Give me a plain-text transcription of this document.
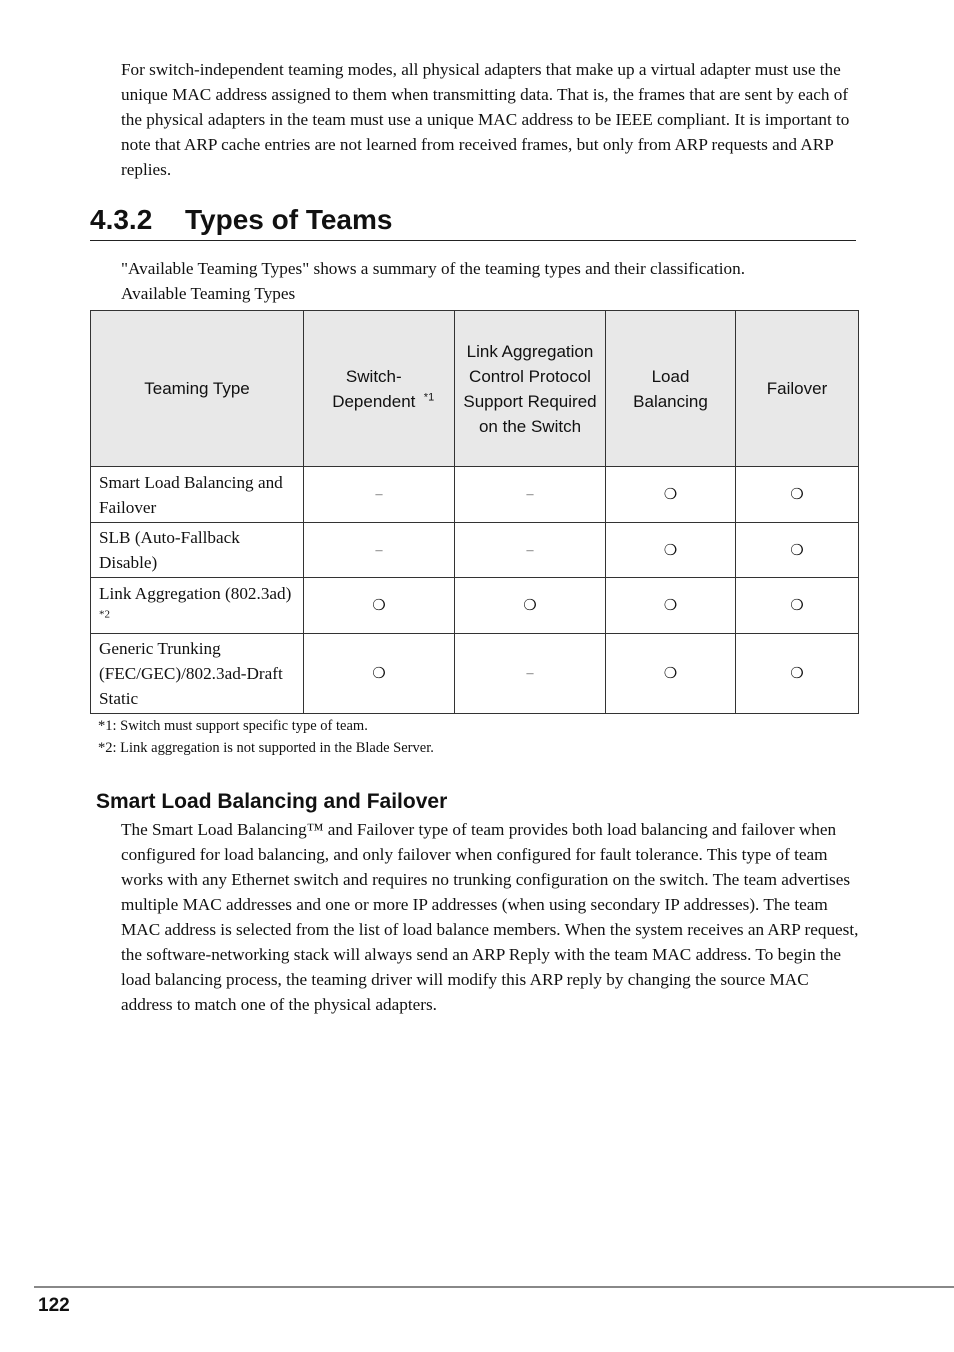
For switch-independent teaming modes, all physical adapters that make up a virtual adapter must use the unique MAC address assigned to them when transmitting data. That is, the frames that are sent by each of the physical adapters in the team must use a unique MAC address to be IEEE compliant. It is important to note that ARP cache entries are not learned from received frames, but only from ARP requests and ARP replies.

4.3.2 Types of Teams

"Available Teaming Types" shows a summary of the teaming types and their classification.
Available Teaming Types

Teaming Type	Switch-Dependent $^{*1}$	Link Aggregation Control Protocol Support Required on the Switch	Load Balancing	Failover
Smart Load Balancing and Failover	–	–	❍	❍
SLB (Auto-Fallback Disable)	–	–	❍	❍
Link Aggregation (802.3ad) $^{*2}$	❍	❍	❍	❍
Generic Trunking (FEC/GEC)/802.3ad-Draft Static	❍	–	❍	❍

*1: Switch must support specific type of team.

*2: Link aggregation is not supported in the Blade Server.

Smart Load Balancing and Failover

The Smart Load Balancing™ and Failover type of team provides both load balancing and failover when configured for load balancing, and only failover when configured for fault tolerance. This type of team works with any Ethernet switch and requires no trunking configuration on the switch. The team advertises multiple MAC addresses and one or more IP addresses (when using secondary IP addresses). The team MAC address is selected from the list of load balance members. When the system receives an ARP request, the software-networking stack will always send an ARP Reply with the team MAC address. To begin the load balancing process, the teaming driver will modify this ARP reply by changing the source MAC address to match one of the physical adapters.

122
